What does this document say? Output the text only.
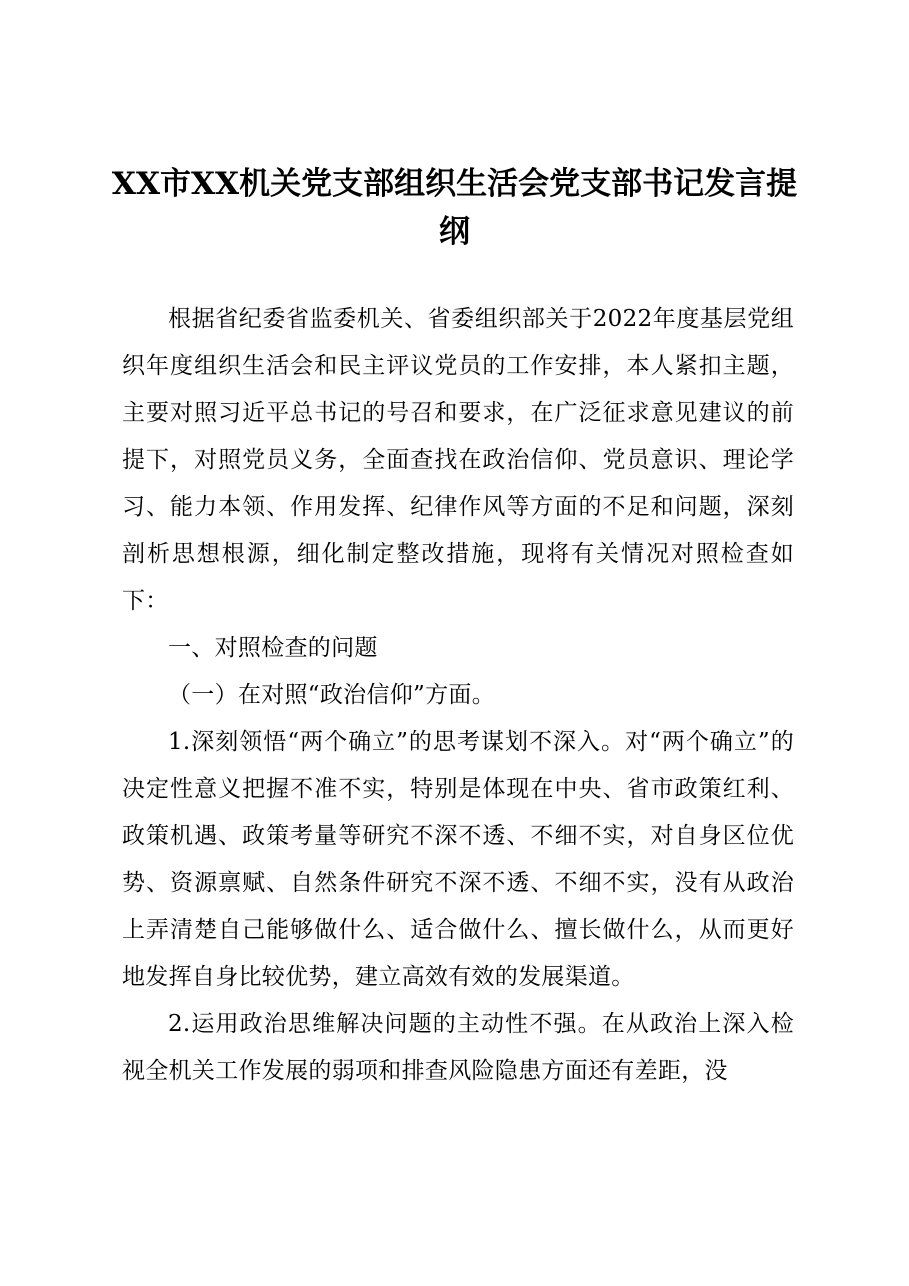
XX市XX机关党支部组织生活会党支部书记发言提纲

根据省纪委省监委机关、省委组织部关于2022年度基层党组织年度组织生活会和民主评议党员的工作安排，本人紧扣主题，主要对照习近平总书记的号召和要求，在广泛征求意见建议的前提下，对照党员义务，全面查找在政治信仰、党员意识、理论学习、能力本领、作用发挥、纪律作风等方面的不足和问题，深刻剖析思想根源，细化制定整改措施，现将有关情况对照检查如下：

一、对照检查的问题

（一）在对照“政治信仰”方面。

1.深刻领悟“两个确立”的思考谋划不深入。对“两个确立”的决定性意义把握不准不实，特别是体现在中央、省市政策红利、政策机遇、政策考量等研究不深不透、不细不实，对自身区位优势、资源禀赋、自然条件研究不深不透、不细不实，没有从政治上弄清楚自己能够做什么、适合做什么、擅长做什么，从而更好地发挥自身比较优势，建立高效有效的发展渠道。

2.运用政治思维解决问题的主动性不强。在从政治上深入检视全机关工作发展的弱项和排查风险隐患方面还有差距，没
